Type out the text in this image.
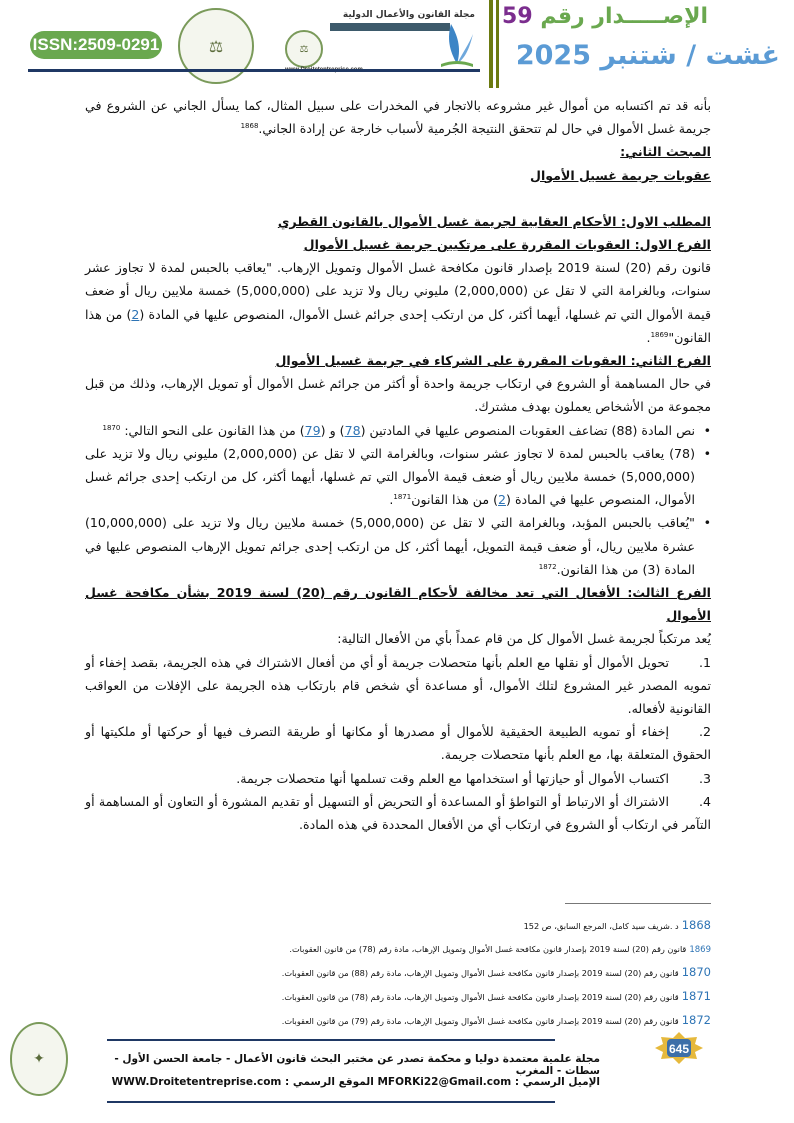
ISSN:2509-0291	⚖
مجلة القانون والأعمال الدولية
⚖
الإصـــــدار رقم 59
غشت / شتنبر 2025

بأنه قد تم اكتسابه من أموال غير مشروعه بالاتجار في المخدرات على سبيل المثال، كما يسأل الجاني عن الشروع في جريمة غسل الأموال في حال لم تتحقق النتيجة الجُرمية لأسباب خارجة عن إرادة الجاني.$^{1868}$

المبحث الثاني:

عقوبات جريمة غسيل الأموال

المطلب الاول: الأحكام العقابية لجريمة غسل الأموال بالقانون القطري

الفرع الاول: العقوبات المقررة على مرتكبين جريمة غسيل الأموال

قانون رقم (20) لسنة 2019 بإصدار قانون مكافحة غسل الأموال وتمويل الإرهاب. "يعاقب بالحبس لمدة لا تجاوز عشر سنوات، وبالغرامة التي لا تقل عن (2,000,000) مليوني ريال ولا تزيد على (5,000,000) خمسة ملايين ريال أو ضعف قيمة الأموال التي تم غسلها، أيهما أكثر، كل من ارتكب إحدى جرائم غسل الأموال، المنصوص عليها في المادة (2) من هذا القانون"$^{1869}$.

الفرع الثاني: العقوبات المقررة على الشركاء في جريمة غسيل الأموال

في حال المساهمة أو الشروع في ارتكاب جريمة واحدة أو أكثر من جرائم غسل الأموال أو تمويل الإرهاب، وذلك من قبل مجموعة من الأشخاص يعملون بهدف مشترك.

• نص المادة (88) تضاعف العقوبات المنصوص عليها في المادتين (78) و (79) من هذا القانون على النحو التالي: $^{1870}$

• (78) يعاقب بالحبس لمدة لا تجاوز عشر سنوات، وبالغرامة التي لا تقل عن (2,000,000) مليوني ريال ولا تزيد على (5,000,000) خمسة ملايين ريال أو ضعف قيمة الأموال التي تم غسلها، أيهما أكثر، كل من ارتكب إحدى جرائم غسل الأموال، المنصوص عليها في المادة (2) من هذا القانون$^{1871}$.

• "يُعاقب بالحبس المؤبد، وبالغرامة التي لا تقل عن (5,000,000) خمسة ملايين ريال ولا تزيد على (10,000,000) عشرة ملايين ريال، أو ضعف قيمة التمويل، أيهما أكثر، كل من ارتكب إحدى جرائم تمويل الإرهاب المنصوص عليها في المادة (3) من هذا القانون.$^{1872}$

الفرع الثالث: الأفعال التي تعد مخالفة لأحكام القانون رقم (20) لسنة 2019 بشأن مكافحة غسل الأموال

يُعد مرتكباً لجريمة غسل الأموال كل من قام عمداً بأي من الأفعال التالية:

1.تحويل الأموال أو نقلها مع العلم بأنها متحصلات جريمة أو أي من أفعال الاشتراك في هذه الجريمة، بقصد إخفاء أو تمويه المصدر غير المشروع لتلك الأموال، أو مساعدة أي شخص قام بارتكاب هذه الجريمة على الإفلات من العواقب القانونية لأفعاله.

2.إخفاء أو تمويه الطبيعة الحقيقية للأموال أو مصدرها أو مكانها أو طريقة التصرف فيها أو حركتها أو ملكيتها أو الحقوق المتعلقة بها، مع العلم بأنها متحصلات جريمة.

3.اكتساب الأموال أو حيازتها أو استخدامها مع العلم وقت تسلمها أنها متحصلات جريمة.

4.الاشتراك أو الارتباط أو التواطؤ أو المساعدة أو التحريض أو التسهيل أو تقديم المشورة أو التعاون أو المساهمة أو التآمر في ارتكاب أو الشروع في ارتكاب أي من الأفعال المحددة في هذه المادة.

1868د .شريف سيد كامل، المرجع السابق، ص 152
1869قانون رقم (20) لسنة 2019 بإصدار قانون مكافحة غسل الأموال وتمويل الإرهاب، مادة رقم (78) من قانون العقوبات.
1870قانون رقم (20) لسنة 2019 بإصدار قانون مكافحة غسل الأموال وتمويل الإرهاب، مادة رقم (88) من قانون العقوبات.
1871قانون رقم (20) لسنة 2019 بإصدار قانون مكافحة غسل الأموال وتمويل الإرهاب، مادة رقم (78) من قانون العقوبات.
1872قانون رقم (20) لسنة 2019 بإصدار قانون مكافحة غسل الأموال وتمويل الإرهاب، مادة رقم (79) من قانون العقوبات.
645
مجلة علمية معتمدة دوليا و محكمة تصدر عن مختبر البحث قانون الأعمال - جامعة الحسن الأول - سطات - المغرب
الإميل الرسمي : MFORKi22@Gmail.com الموقع الرسمي : WWW.Droitetentreprise.com
✦
